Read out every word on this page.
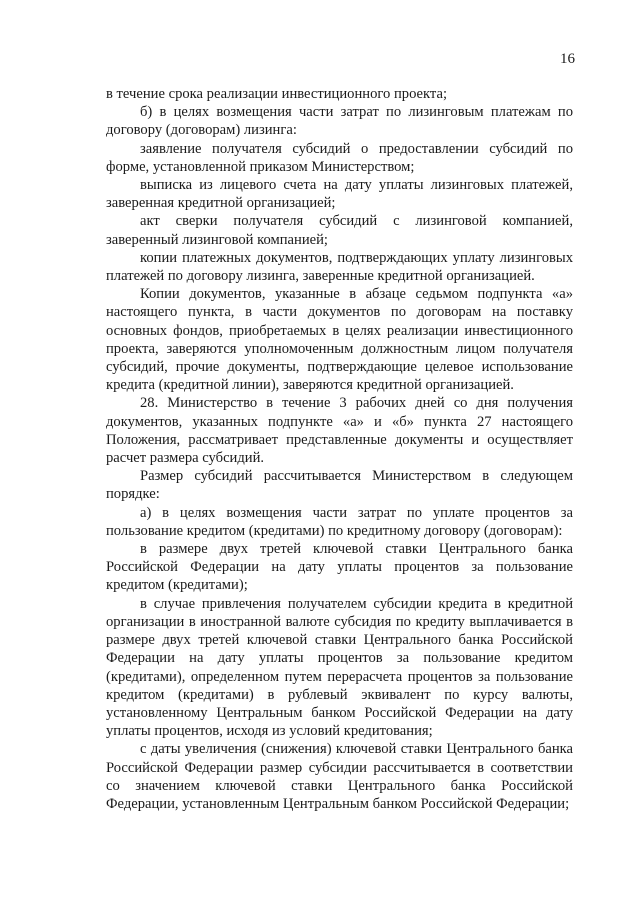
16

в течение срока реализации инвестиционного проекта;

б) в целях возмещения части затрат по лизинговым платежам по договору (договорам) лизинга:

заявление получателя субсидий о предоставлении субсидий по форме, установленной приказом Министерством;

выписка из лицевого счета на дату уплаты лизинговых платежей, заверенная кредитной организацией;

акт сверки получателя субсидий с лизинговой компанией, заверенный лизинговой компанией;

копии платежных документов, подтверждающих уплату лизинговых платежей по договору лизинга, заверенные кредитной организацией.

Копии документов, указанные в абзаце седьмом подпункта «а» настоящего пункта, в части документов по договорам на поставку основных фондов, приобретаемых в целях реализации инвестиционного проекта, заверяются уполномоченным должностным лицом получателя субсидий, прочие документы, подтверждающие целевое использование кредита (кредитной линии), заверяются кредитной организацией.

28. Министерство в течение 3 рабочих дней со дня получения документов, указанных подпункте «а» и «б» пункта 27 настоящего Положения, рассматривает представленные документы и осуществляет расчет размера субсидий.

Размер субсидий рассчитывается Министерством в следующем порядке:

а) в целях возмещения части затрат по уплате процентов за пользование кредитом (кредитами) по кредитному договору (договорам):

в размере двух третей ключевой ставки Центрального банка Российской Федерации на дату уплаты процентов за пользование кредитом (кредитами);

в случае привлечения получателем субсидии кредита в кредитной организации в иностранной валюте субсидия по кредиту выплачивается в размере двух третей ключевой ставки Центрального банка Российской Федерации на дату уплаты процентов за пользование кредитом (кредитами), определенном путем перерасчета процентов за пользование кредитом (кредитами) в рублевый эквивалент по курсу валюты, установленному Центральным банком Российской Федерации на дату уплаты процентов, исходя из условий кредитования;

с даты увеличения (снижения) ключевой ставки Центрального банка Российской Федерации размер субсидии рассчитывается в соответствии со значением ключевой ставки Центрального банка Российской Федерации, установленным Центральным банком Российской Федерации;
